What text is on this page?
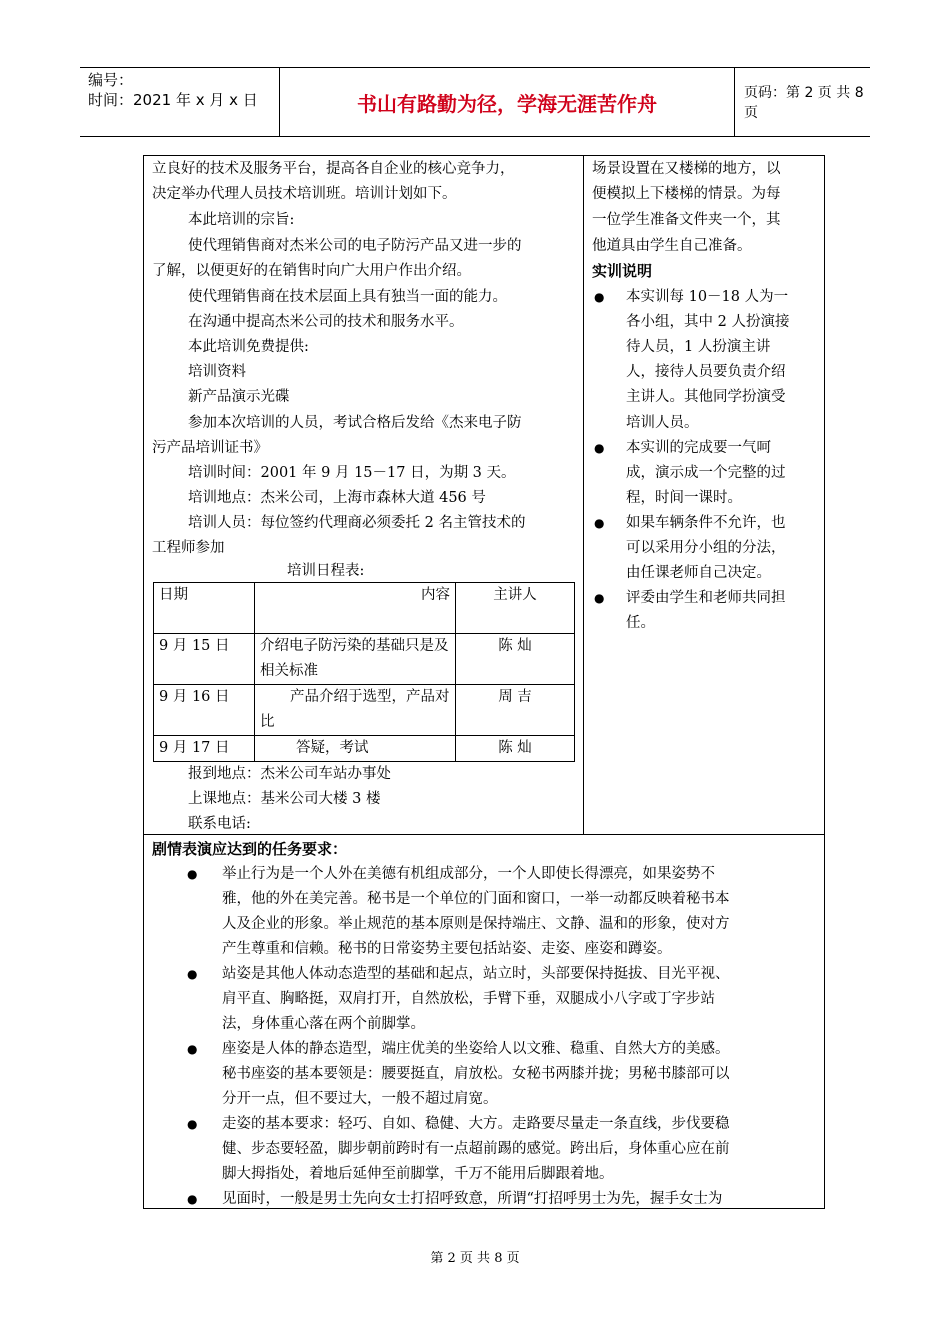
编号：
时间：2021 年 x 月 x 日	书山有路勤为径，学海无涯苦作舟	页码：第 2 页 共 8 页
立良好的技术及服务平台，提高各自企业的核心竞争力，
决定举办代理人员技术培训班。培训计划如下。
本此培训的宗旨:
使代理销售商对杰米公司的电子防污产品又进一步的
了解，以便更好的在销售时向广大用户作出介绍。
使代理销售商在技术层面上具有独当一面的能力。
在沟通中提高杰米公司的技术和服务水平。
本此培训免费提供:
培训资料
新产品演示光碟
参加本次培训的人员，考试合格后发给《杰来电子防
污产品培训证书》
培训时间：2001 年 9 月 15－17 日，为期 3 天。
培训地点：杰米公司，上海市森林大道 456 号
培训人员：每位签约代理商必须委托 2 名主管技术的
工程师参加
培训日程表:
日期	内容	主讲人
9 月 15 日	介绍电子防污染的基础只是及相关标准	陈 灿
9 月 16 日	产品介绍于选型，产品对比	周 吉
9 月 17 日	答疑，考试	陈 灿
报到地点：杰米公司车站办事处
上课地点：基米公司大楼 3 楼
联系电话:
场景设置在又楼梯的地方，以
便模拟上下楼梯的情景。为每
一位学生准备文件夹一个，其
他道具由学生自己准备。
实训说明
● 本实训每 10－18 人为一
各小组，其中 2 人扮演接
待人员，1 人扮演主讲
人，接待人员要负责介绍
主讲人。其他同学扮演受
培训人员。
● 本实训的完成要一气呵
成，演示成一个完整的过
程，时间一课时。
● 如果车辆条件不允许，也
可以采用分小组的分法，
由任课老师自己决定。
● 评委由学生和老师共同担
任。
剧情表演应达到的任务要求：
● 举止行为是一个人外在美德有机组成部分，一个人即使长得漂亮，如果姿势不
雅，他的外在美完善。秘书是一个单位的门面和窗口，一举一动都反映着秘书本
人及企业的形象。举止规范的基本原则是保持端庄、文静、温和的形象，使对方
产生尊重和信赖。秘书的日常姿势主要包括站姿、走姿、座姿和蹲姿。
● 站姿是其他人体动态造型的基础和起点，站立时，头部要保持挺拔、目光平视、
肩平直、胸略挺，双肩打开，自然放松，手臂下垂，双腿成小八字或丁字步站
法，身体重心落在两个前脚掌。
● 座姿是人体的静态造型，端庄优美的坐姿给人以文雅、稳重、自然大方的美感。
秘书座姿的基本要领是：腰要挺直，肩放松。女秘书两膝并拢；男秘书膝部可以
分开一点，但不要过大，一般不超过肩宽。
● 走姿的基本要求：轻巧、自如、稳健、大方。走路要尽量走一条直线，步伐要稳
健、步态要轻盈，脚步朝前跨时有一点超前踢的感觉。跨出后，身体重心应在前
脚大拇指处，着地后延伸至前脚掌，千万不能用后脚跟着地。
● 见面时，一般是男士先向女士打招呼致意，所谓“打招呼男士为先，握手女士为
第 2 页 共 8 页
